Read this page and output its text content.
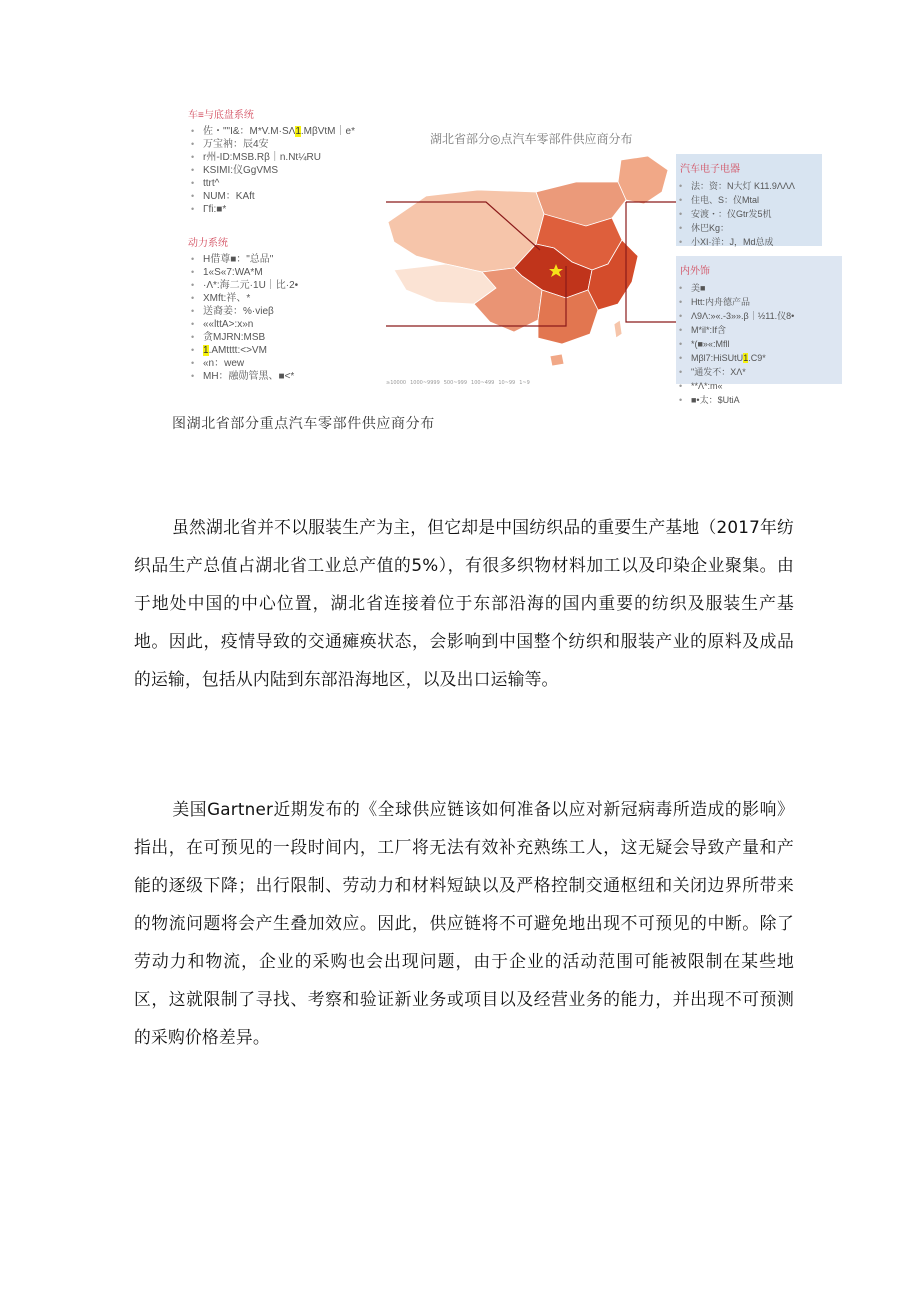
车≡与底盘系统
• 佐・""I&：M*V.M·SΛ1.MβVtM｜e*
• 万宝衲：辰4安
• r州-ID:MSB.Rβ｜n.Nt¼RU
• KSIMI:仪GgVMS
• ttrt^
• NUM：KAft
• Γfi:■*
动力系统
• H借尊■："总品"
• 1«S«7:WA*M
• ·Λ*:海二元·1U｜比·2•
• XMft:祥、*
• 送裔姜：%·vieβ
• ««lttA>:x»n
• 贪MJRN:MSB
• 1.AMtttt:<>VM
• «n：wew
• MH：融勋管黑、■<*
湖北省部分◎点汽车零部件供应商分布
≥10000 1000~9999 500~999 100~499 10~99 1~9
汽车电子电器
• 法：资：N大灯 K11.9ΛΛΛ
• 住电、S：仪Mtal
• 安渡・：仪Gtr发5机
• 休巴Kg：
• 小XI·洋：J，Md总成
内外饰
• 美■
• Htt:内舟德产品
• Λ9Λ:»«.-3»».β｜½11.仪8•
• M*il*:If含
• *(■»«:Mfll
• Mβl7:HiSUtU1.C9*
• "通发不：XΛ*
• **Λ*:m«
• ■•太：$UtiA
图湖北省部分重点汽车零部件供应商分布
虽然湖北省并不以服装生产为主，但它却是中国纺织品的重要生产基地（2017年纺织品生产总值占湖北省工业总产值的5%），有很多织物材料加工以及印染企业聚集。由于地处中国的中心位置，湖北省连接着位于东部沿海的国内重要的纺织及服装生产基地。因此，疫情导致的交通瘫痪状态，会影响到中国整个纺织和服装产业的原料及成品的运输，包括从内陆到东部沿海地区，以及出口运输等。
美国Gartner近期发布的《全球供应链该如何准备以应对新冠病毒所造成的影响》指出，在可预见的一段时间内，工厂将无法有效补充熟练工人，这无疑会导致产量和产能的逐级下降；出行限制、劳动力和材料短缺以及严格控制交通枢纽和关闭边界所带来的物流问题将会产生叠加效应。因此，供应链将不可避免地出现不可预见的中断。除了劳动力和物流，企业的采购也会出现问题，由于企业的活动范围可能被限制在某些地区，这就限制了寻找、考察和验证新业务或项目以及经营业务的能力，并出现不可预测的采购价格差异。
